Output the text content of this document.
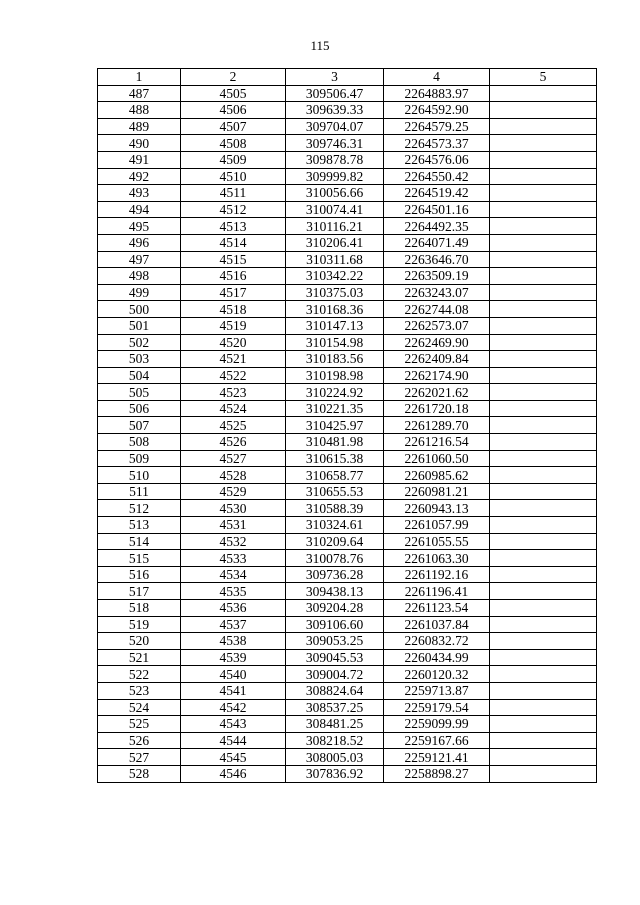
115
1	2	3	4	5
487	4505	309506.47	2264883.97	
488	4506	309639.33	2264592.90	
489	4507	309704.07	2264579.25	
490	4508	309746.31	2264573.37	
491	4509	309878.78	2264576.06	
492	4510	309999.82	2264550.42	
493	4511	310056.66	2264519.42	
494	4512	310074.41	2264501.16	
495	4513	310116.21	2264492.35	
496	4514	310206.41	2264071.49	
497	4515	310311.68	2263646.70	
498	4516	310342.22	2263509.19	
499	4517	310375.03	2263243.07	
500	4518	310168.36	2262744.08	
501	4519	310147.13	2262573.07	
502	4520	310154.98	2262469.90	
503	4521	310183.56	2262409.84	
504	4522	310198.98	2262174.90	
505	4523	310224.92	2262021.62	
506	4524	310221.35	2261720.18	
507	4525	310425.97	2261289.70	
508	4526	310481.98	2261216.54	
509	4527	310615.38	2261060.50	
510	4528	310658.77	2260985.62	
511	4529	310655.53	2260981.21	
512	4530	310588.39	2260943.13	
513	4531	310324.61	2261057.99	
514	4532	310209.64	2261055.55	
515	4533	310078.76	2261063.30	
516	4534	309736.28	2261192.16	
517	4535	309438.13	2261196.41	
518	4536	309204.28	2261123.54	
519	4537	309106.60	2261037.84	
520	4538	309053.25	2260832.72	
521	4539	309045.53	2260434.99	
522	4540	309004.72	2260120.32	
523	4541	308824.64	2259713.87	
524	4542	308537.25	2259179.54	
525	4543	308481.25	2259099.99	
526	4544	308218.52	2259167.66	
527	4545	308005.03	2259121.41	
528	4546	307836.92	2258898.27	
